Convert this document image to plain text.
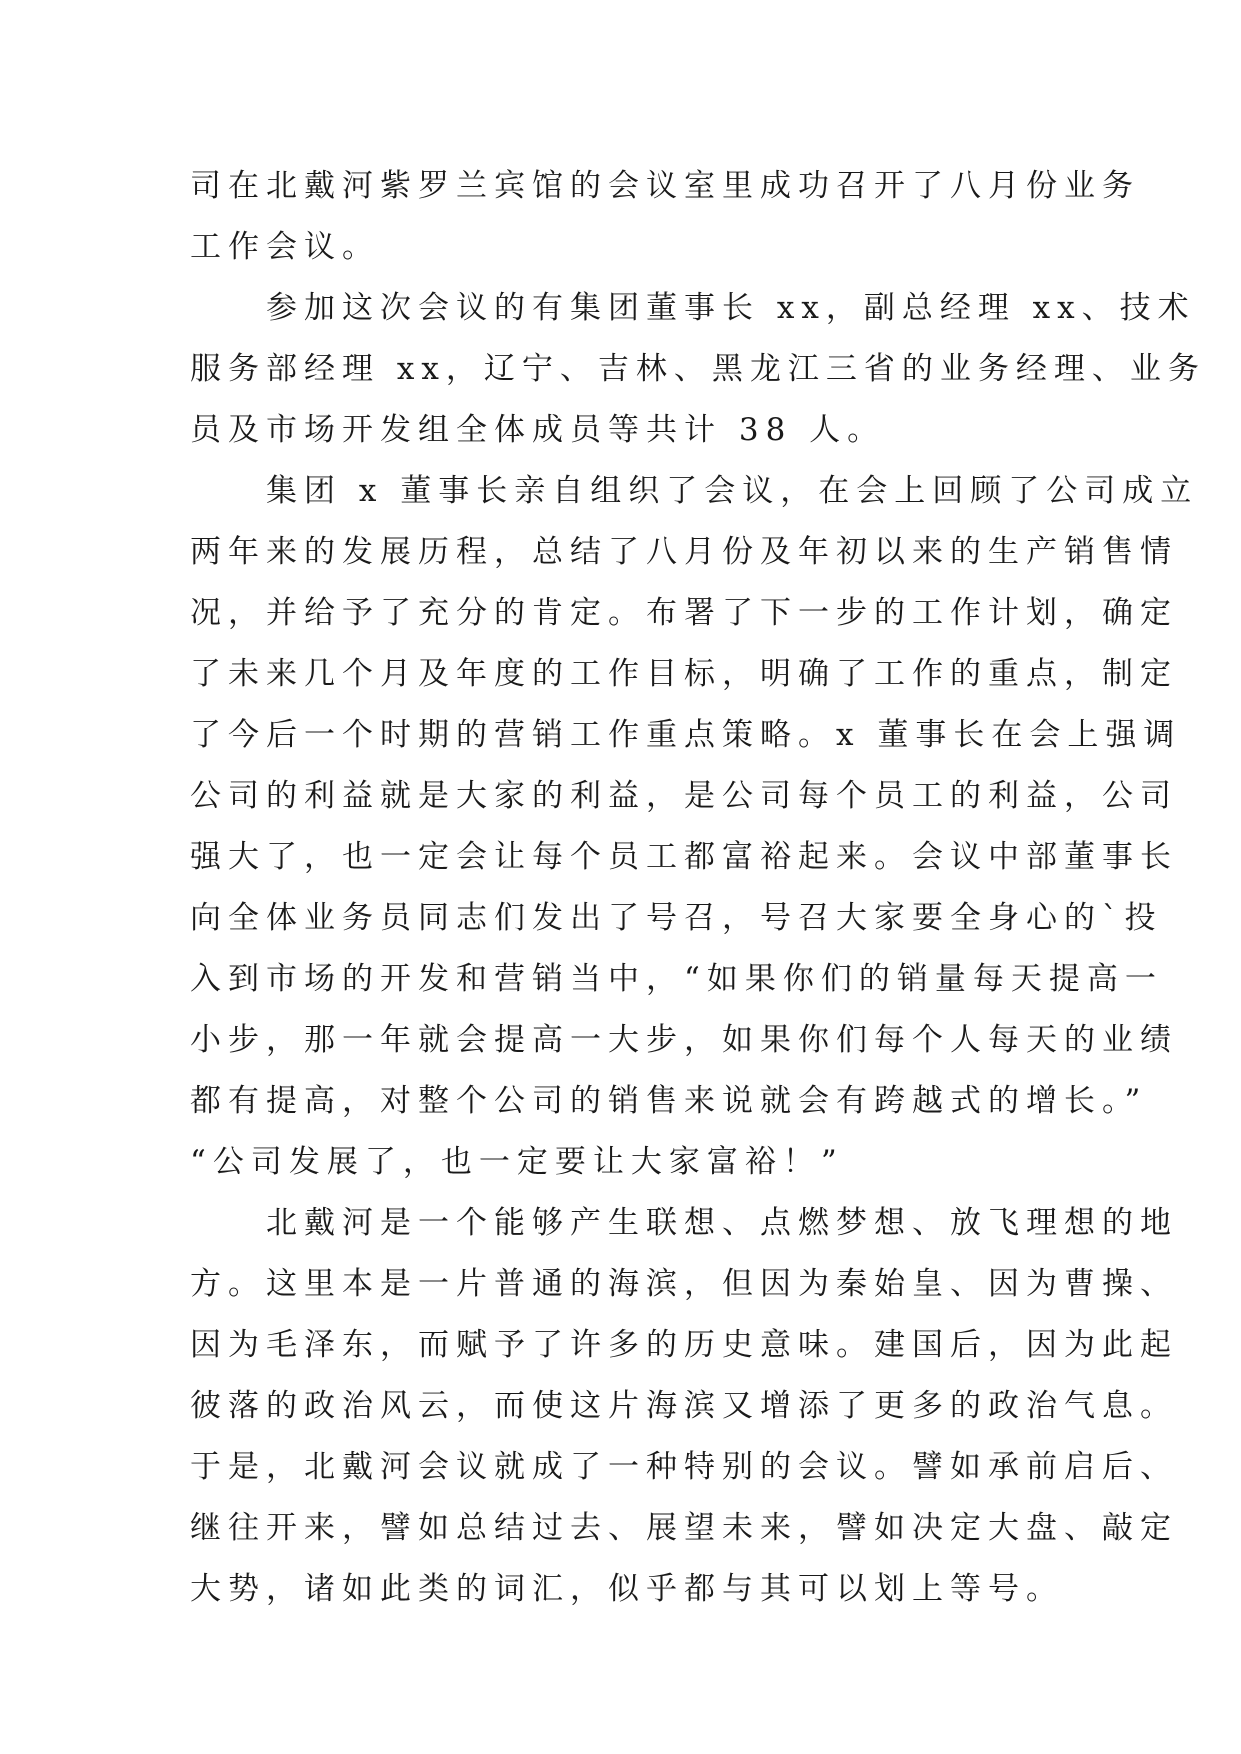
司在北戴河紫罗兰宾馆的会议室里成功召开了八月份业务
工作会议。
　　参加这次会议的有集团董事长 xx，副总经理 xx、技术
服务部经理 xx，辽宁、吉林、黑龙江三省的业务经理、业务
员及市场开发组全体成员等共计 38 人。
　　集团 x 董事长亲自组织了会议，在会上回顾了公司成立
两年来的发展历程，总结了八月份及年初以来的生产销售情
况，并给予了充分的肯定。布署了下一步的工作计划，确定
了未来几个月及年度的工作目标，明确了工作的重点，制定
了今后一个时期的营销工作重点策略。x 董事长在会上强调
公司的利益就是大家的利益，是公司每个员工的利益，公司
强大了，也一定会让每个员工都富裕起来。会议中部董事长
向全体业务员同志们发出了号召，号召大家要全身心的`投
入到市场的开发和营销当中，“如果你们的销量每天提高一
小步，那一年就会提高一大步，如果你们每个人每天的业绩
都有提高，对整个公司的销售来说就会有跨越式的增长。”
“公司发展了，也一定要让大家富裕！”
　　北戴河是一个能够产生联想、点燃梦想、放飞理想的地
方。这里本是一片普通的海滨，但因为秦始皇、因为曹操、
因为毛泽东，而赋予了许多的历史意味。建国后，因为此起
彼落的政治风云，而使这片海滨又增添了更多的政治气息。
于是，北戴河会议就成了一种特别的会议。譬如承前启后、
继往开来，譬如总结过去、展望未来，譬如决定大盘、敲定
大势，诸如此类的词汇，似乎都与其可以划上等号。
